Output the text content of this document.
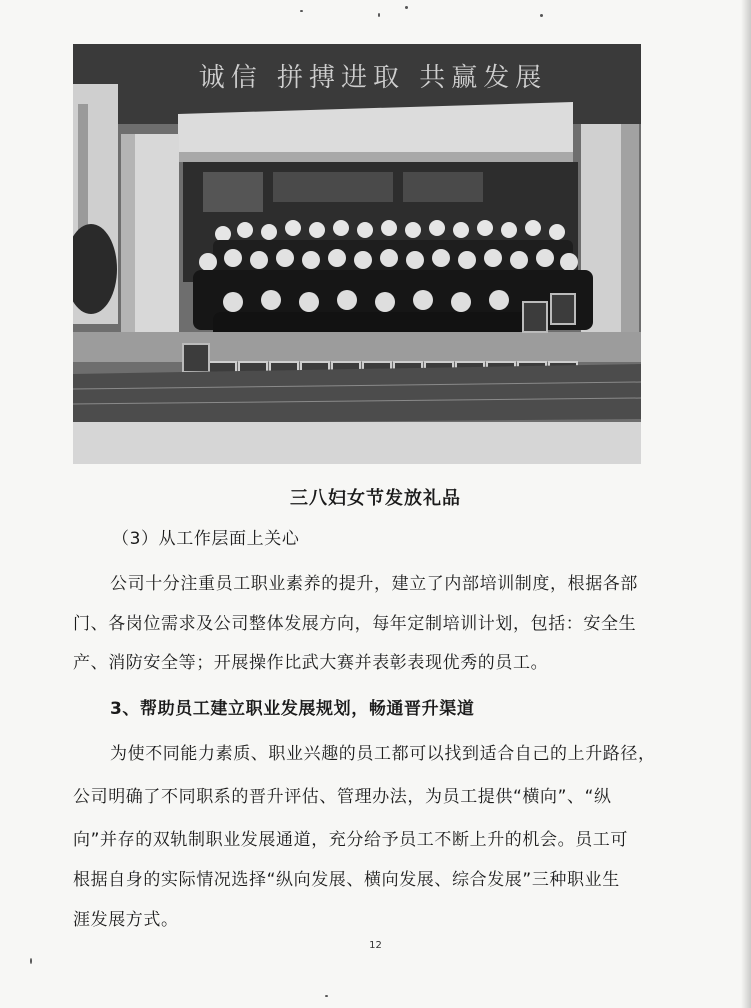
诚信 拼搏进取 共赢发展
三八妇女节发放礼品
（3）从工作层面上关心
公司十分注重员工职业素养的提升，建立了内部培训制度，根据各部
门、各岗位需求及公司整体发展方向，每年定制培训计划，包括：安全生
产、消防安全等；开展操作比武大赛并表彰表现优秀的员工。
3、帮助员工建立职业发展规划，畅通晋升渠道
为使不同能力素质、职业兴趣的员工都可以找到适合自己的上升路径，
公司明确了不同职系的晋升评估、管理办法，为员工提供“横向”、“纵
向”并存的双轨制职业发展通道，充分给予员工不断上升的机会。员工可
根据自身的实际情况选择“纵向发展、横向发展、综合发展”三种职业生
涯发展方式。
12
